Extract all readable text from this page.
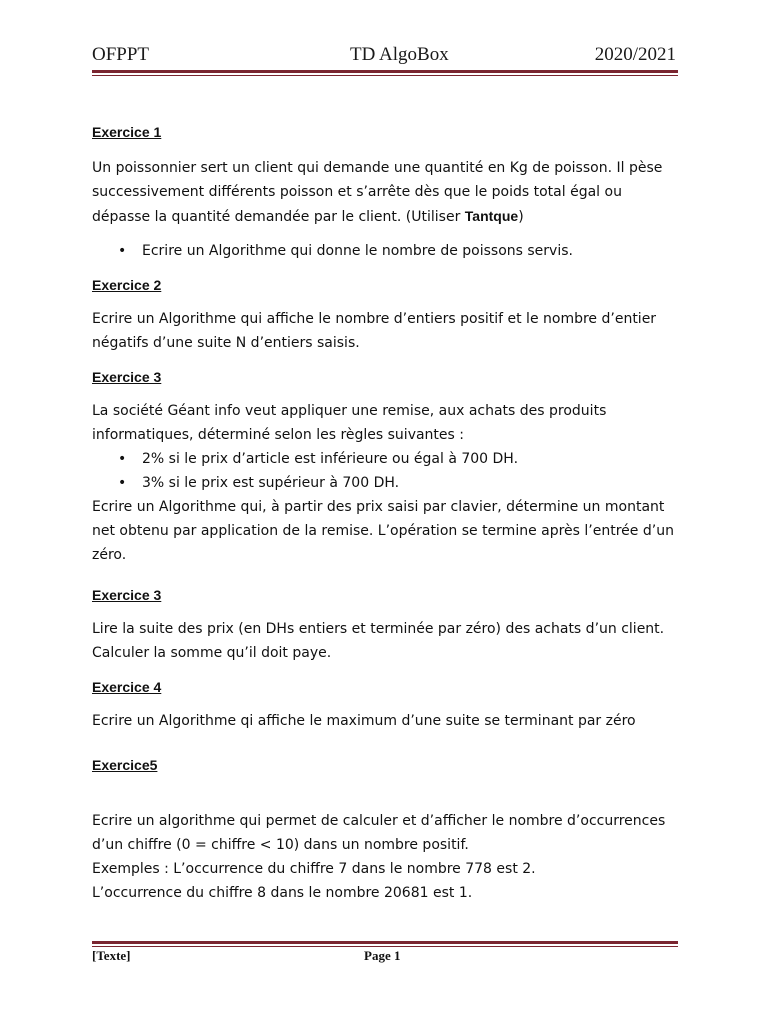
OFPPT	TD AlgoBox	2020/2021

Exercice 1

Un poissonnier sert un client qui demande une quantité en Kg de poisson. Il pèse successivement différents poisson et s’arrête dès que le poids total égal ou dépasse la quantité demandée par le client. (Utiliser Tantque)

• Ecrire un Algorithme qui donne le nombre de poissons servis.

Exercice 2

Ecrire un Algorithme qui affiche le nombre d’entiers positif et le nombre d’entier négatifs d’une suite N d’entiers saisis.

Exercice 3

La société Géant info veut appliquer une remise, aux achats des produits informatiques, déterminé selon les règles suivantes :

• 2% si le prix d’article est inférieure ou égal à 700 DH.
• 3% si le prix est supérieur à 700 DH.

Ecrire un Algorithme qui, à partir des prix saisi par clavier, détermine un montant net obtenu par application de la remise. L’opération se termine après l’entrée d’un zéro.

Exercice 3

Lire la suite des prix (en DHs entiers et terminée par zéro) des achats d’un client. Calculer la somme qu’il doit paye.

Exercice 4

Ecrire un Algorithme qi affiche le maximum d’une suite se terminant par zéro

Exercice5

Ecrire un algorithme qui permet de calculer et d’afficher le nombre d’occurrences d’un chiffre (0 = chiffre < 10) dans un nombre positif.

Exemples : L’occurrence du chiffre 7 dans le nombre 778 est 2.

L’occurrence du chiffre 8 dans le nombre 20681 est 1.

[Texte]	Page 1
